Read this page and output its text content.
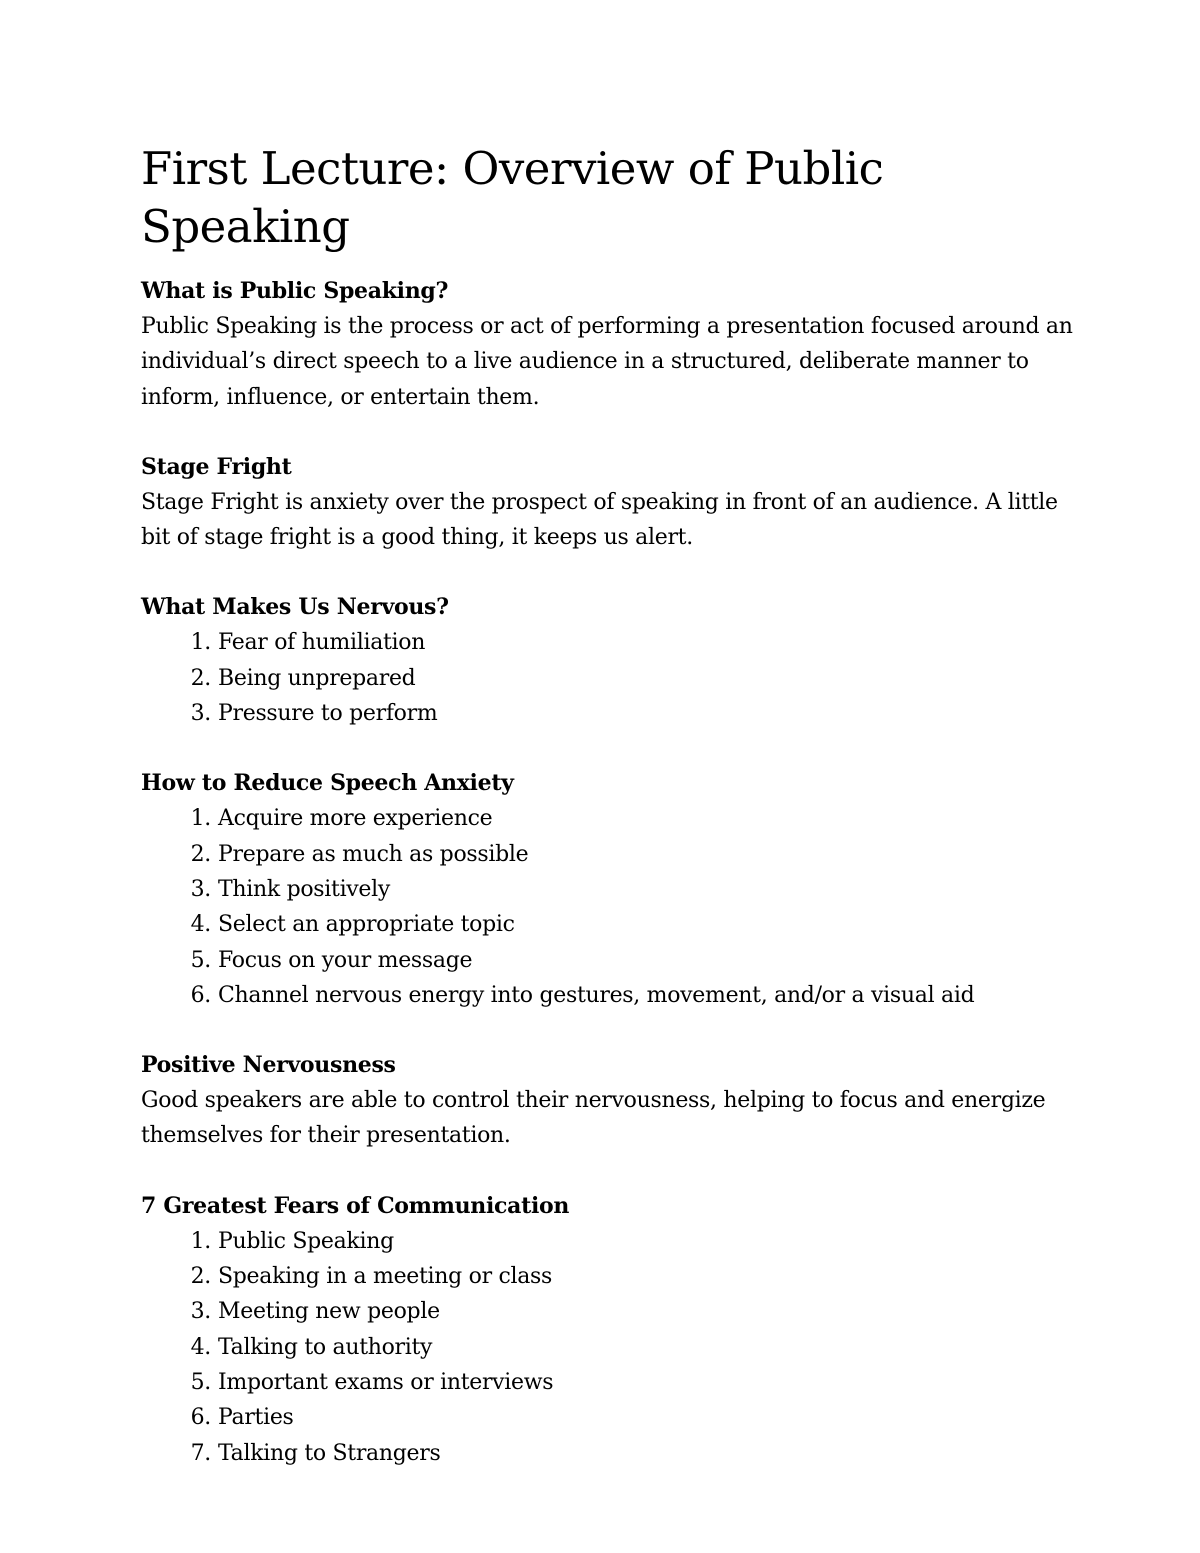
First Lecture: Overview of Public Speaking
What is Public Speaking?

Public Speaking is the process or act of performing a presentation focused around an individual’s direct speech to a live audience in a structured, deliberate manner to inform, influence, or entertain them.

Stage Fright

Stage Fright is anxiety over the prospect of speaking in front of an audience. A little bit of stage fright is a good thing, it keeps us alert.

What Makes Us Nervous?
1. Fear of humiliation
2. Being unprepared
3. Pressure to perform
How to Reduce Speech Anxiety
1. Acquire more experience
2. Prepare as much as possible
3. Think positively
4. Select an appropriate topic
5. Focus on your message
6. Channel nervous energy into gestures, movement, and/or a visual aid
Positive Nervousness

Good speakers are able to control their nervousness, helping to focus and energize themselves for their presentation.

7 Greatest Fears of Communication
1. Public Speaking
2. Speaking in a meeting or class
3. Meeting new people
4. Talking to authority
5. Important exams or interviews
6. Parties
7. Talking to Strangers
